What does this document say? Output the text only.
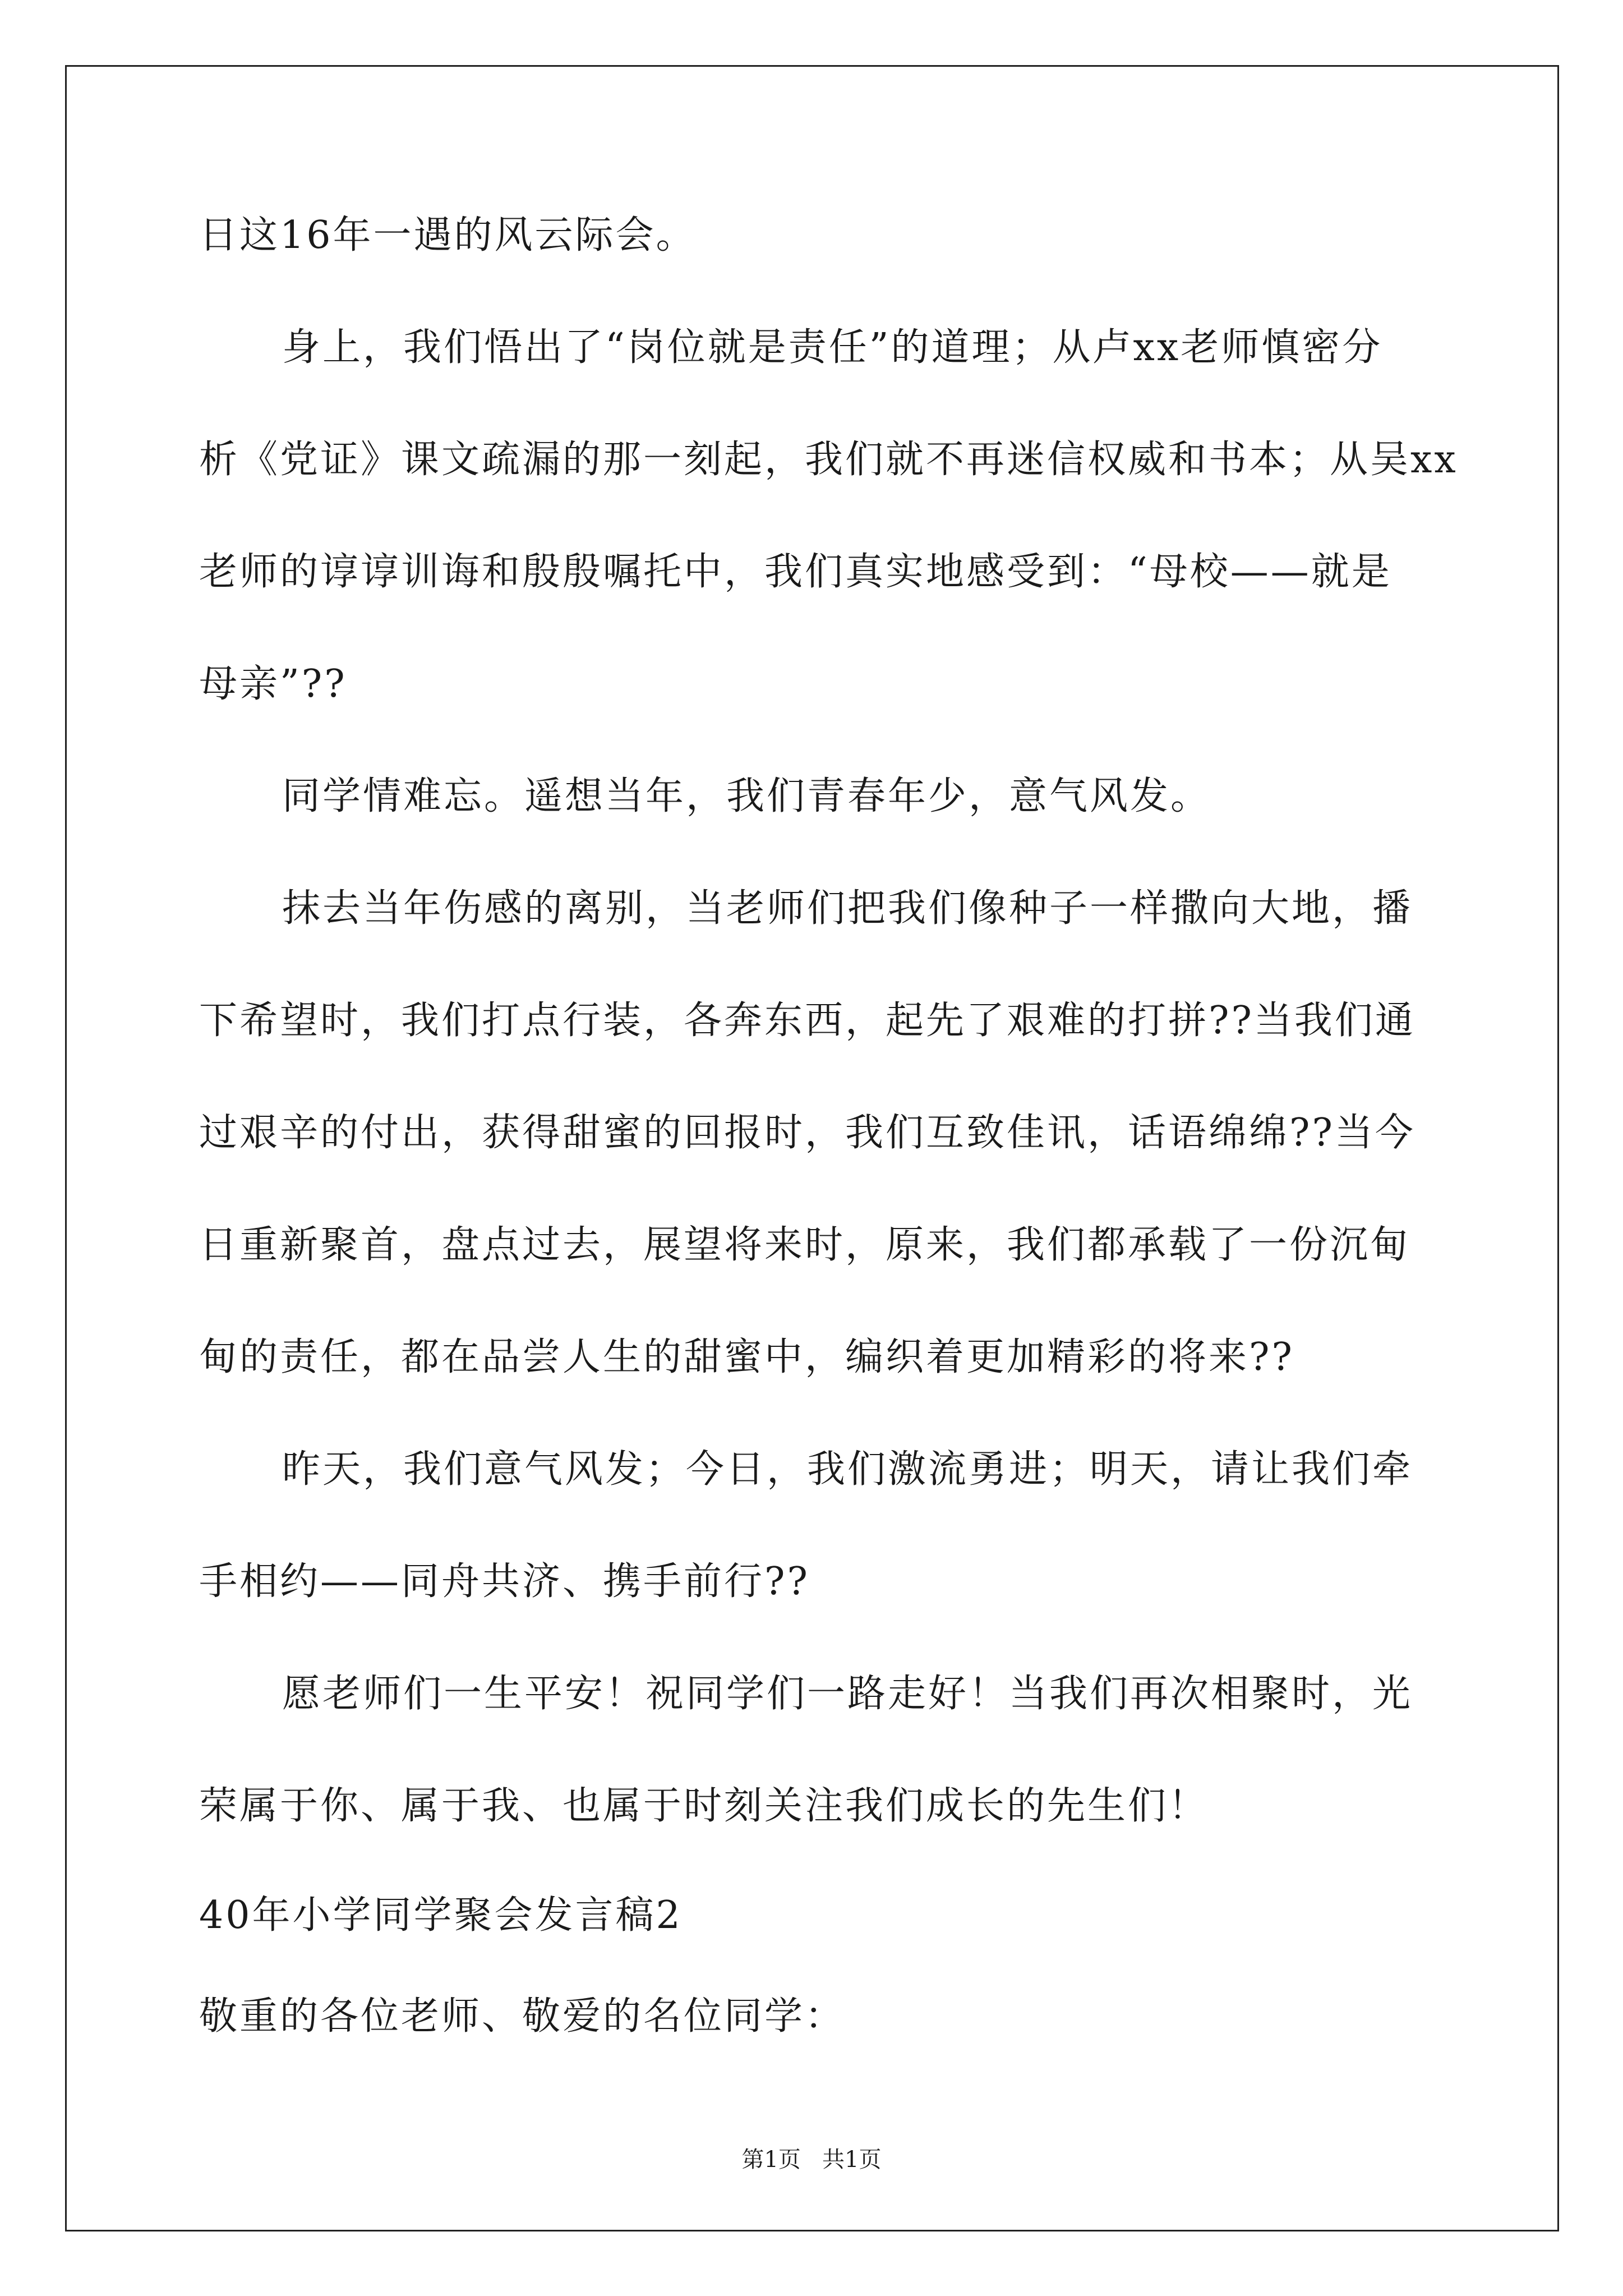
日这16年一遇的风云际会。
身上，我们悟出了“岗位就是责任”的道理；从卢xx老师慎密分
析《党证》课文疏漏的那一刻起，我们就不再迷信权威和书本；从吴xx
老师的谆谆训诲和殷殷嘱托中，我们真实地感受到：“母校——就是
母亲”??
同学情难忘。遥想当年，我们青春年少，意气风发。
抹去当年伤感的离别，当老师们把我们像种子一样撒向大地，播
下希望时，我们打点行装，各奔东西，起先了艰难的打拼??当我们通
过艰辛的付出，获得甜蜜的回报时，我们互致佳讯，话语绵绵??当今
日重新聚首，盘点过去，展望将来时，原来，我们都承载了一份沉甸
甸的责任，都在品尝人生的甜蜜中，编织着更加精彩的将来??
昨天，我们意气风发；今日，我们激流勇进；明天，请让我们牵
手相约——同舟共济、携手前行??
愿老师们一生平安！祝同学们一路走好！当我们再次相聚时，光
荣属于你、属于我、也属于时刻关注我们成长的先生们！
40年小学同学聚会发言稿2
敬重的各位老师、敬爱的名位同学：
第1页   共1页
